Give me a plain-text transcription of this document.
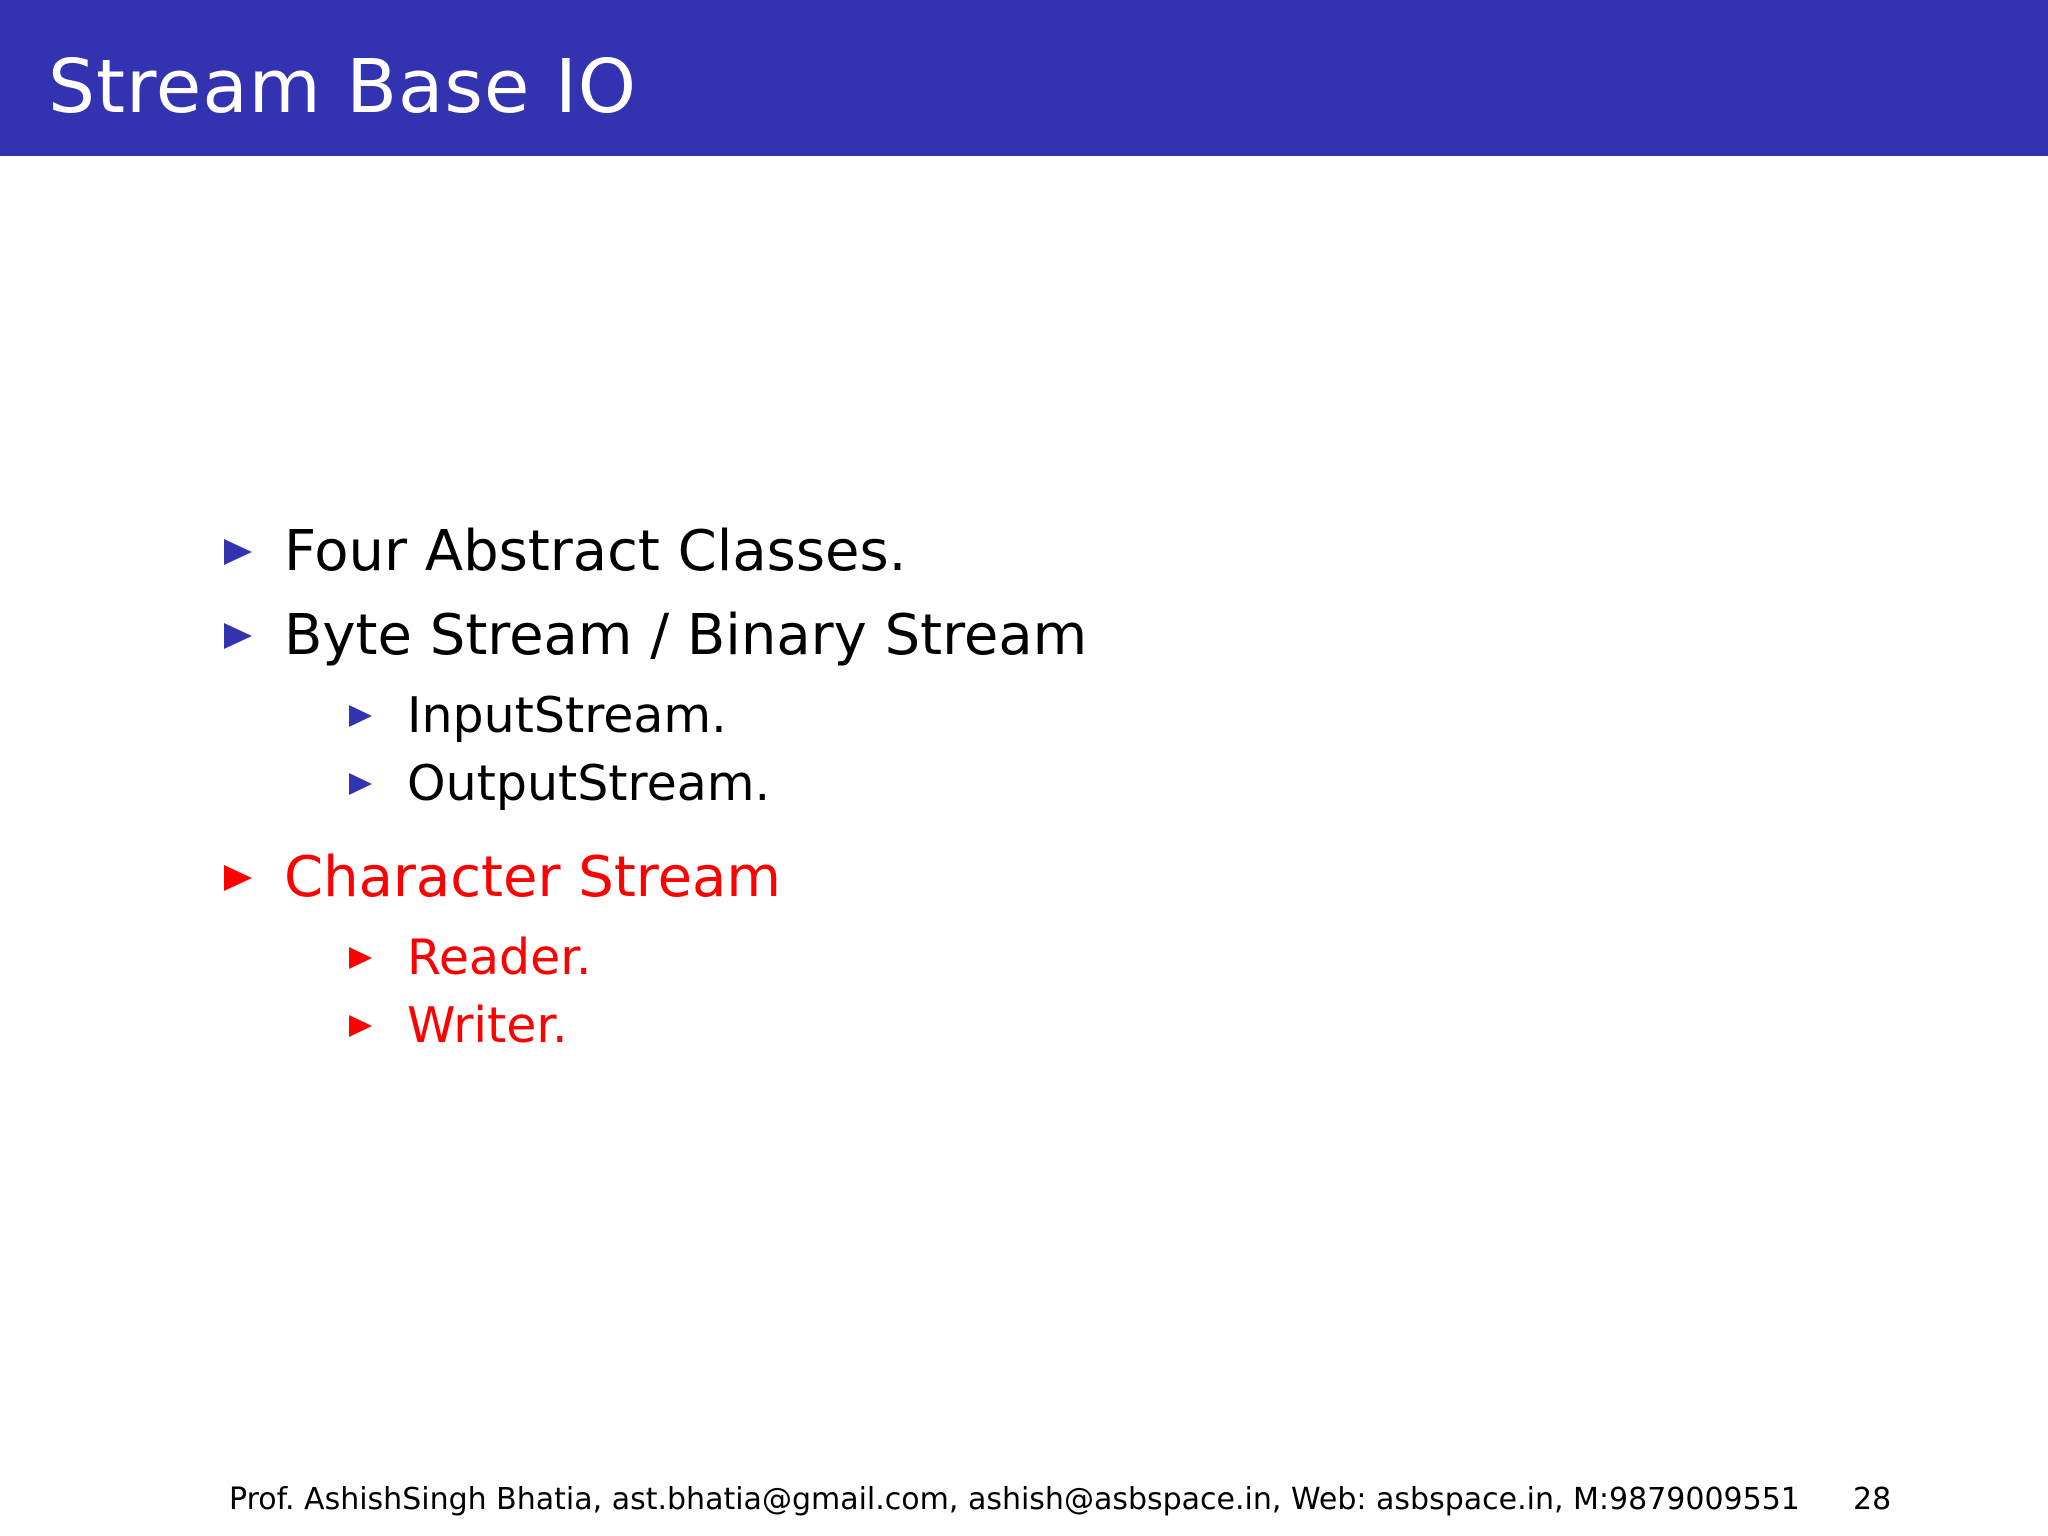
Stream Base IO
Four Abstract Classes.
Byte Stream / Binary Stream
InputStream.
OutputStream.
Character Stream
Reader.
Writer.
Prof. AshishSingh Bhatia, ast.bhatia@gmail.com, ashish@asbspace.in, Web: asbspace.in, M:9879009551 28
